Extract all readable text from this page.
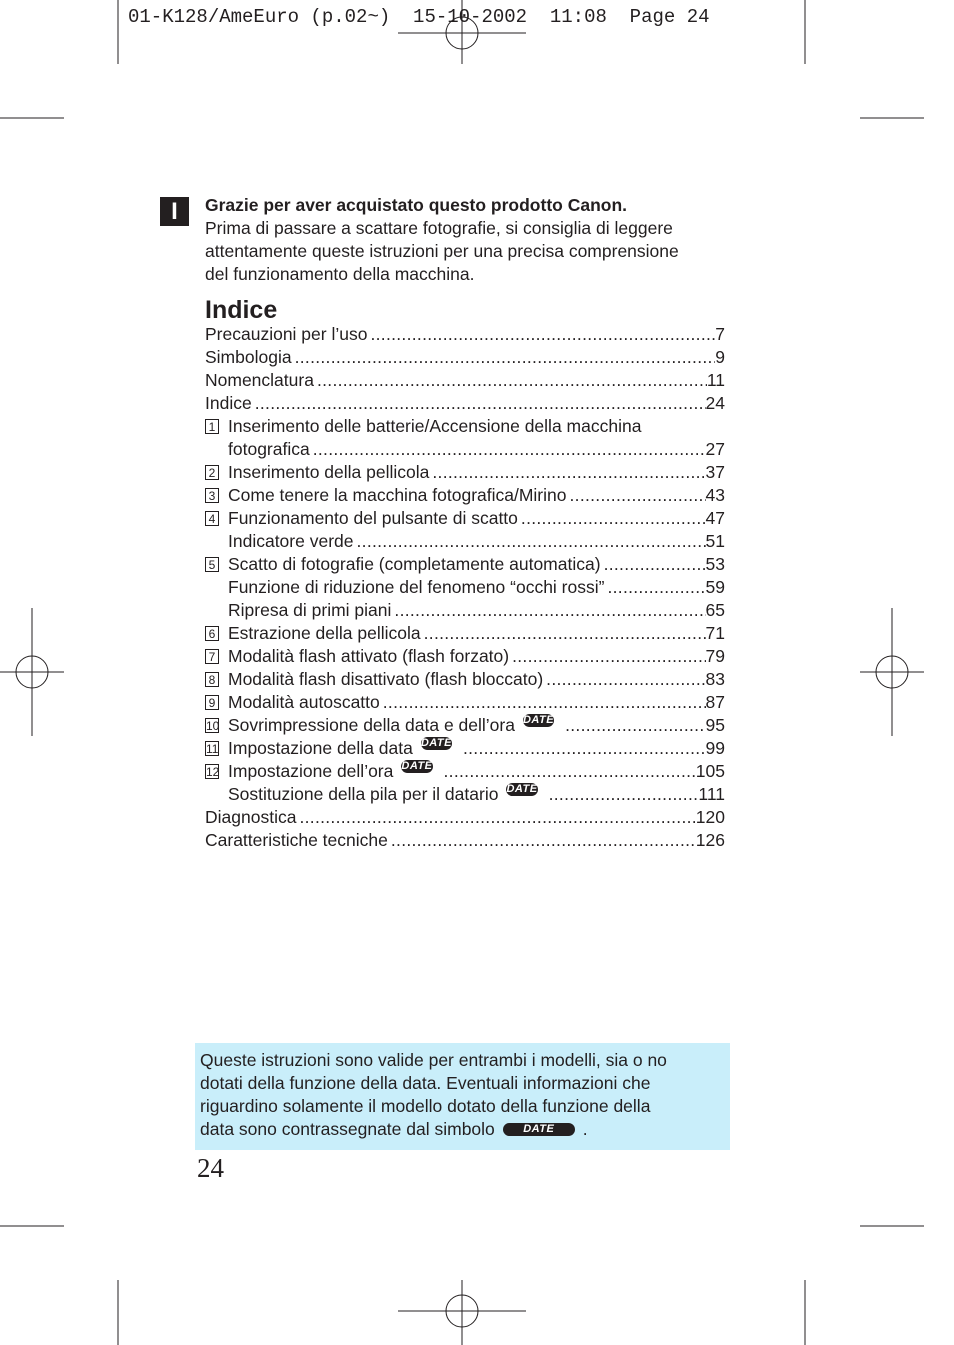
01-K128/AmeEuro (p.02~)  15-10-2002  11:08  Page 24
I	Grazie per aver acquistato questo prodotto Canon.
Prima di passare a scattare fotografie, si consiglia di leggere
attentamente queste istruzioni per una precisa comprensione
del funzionamento della macchina.
Indice
Precauzioni per l’uso .....	7
Simbologia .....	9
Nomenclatura .....	11
Indice .....	24
1 Inserimento delle batterie/Accensione della macchina
fotografica .....	27
2 Inserimento della pellicola .....	37
3 Come tenere la macchina fotografica/Mirino .....	43
4 Funzionamento del pulsante di scatto .....	47
Indicatore verde .....	51
5 Scatto di fotografie (completamente automatica) .....	53
Funzione di riduzione del fenomeno “occhi rossi” .....	59
Ripresa di primi piani .....	65
6 Estrazione della pellicola .....	71
7 Modalità flash attivato (flash forzato) .....	79
8 Modalità flash disattivato (flash bloccato) .....	83
9 Modalità autoscatto .....	87
10 Sovrimpressione della data e dell’ora DATE .....	95
11 Impostazione della data DATE .....	99
12 Impostazione dell’ora DATE .....	105
Sostituzione della pila per il datario DATE .....	111
Diagnostica .....	120
Caratteristiche tecniche .....	126
Queste istruzioni sono valide per entrambi i modelli, sia o no
dotati della funzione della data. Eventuali informazioni che
riguardino solamente il modello dotato della funzione della
data sono contrassegnate dal simbolo	DATE .
24
